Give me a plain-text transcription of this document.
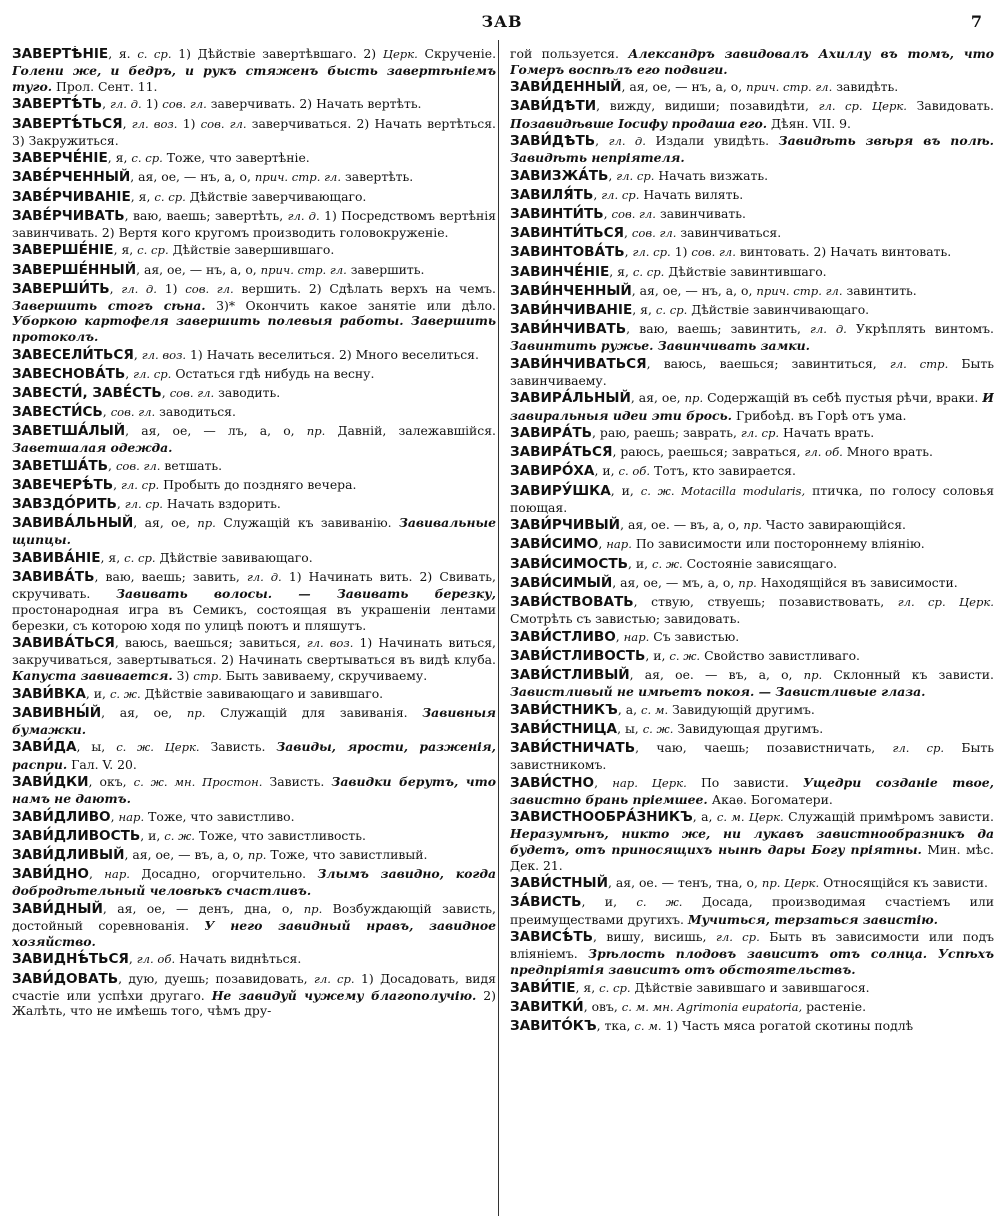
ЗАВ	7

ЗАВЕРТѢ́НІЕ, я. с. ср. 1) Дѣйствіе завертѣвшаго. 2) Церк. Скрученіе. Голени же, и бедръ, и рукъ стяженъ бысть завертѣніемъ туго. Прол. Сент. 11.

ЗАВЕРТѢ́ТЬ, гл. д. 1) сов. гл. заверчивать. 2) Начать вертѣть.

ЗАВЕРТѢ́ТЬСЯ, гл. воз. 1) сов. гл. заверчиваться. 2) Начать вертѣться. 3) Закружиться.

ЗАВЕРЧЕ́НІЕ, я, с. ср. Тоже, что завертѣніе.

ЗАВЕ́РЧЕННЫЙ, ая, ое, — нъ, а, о, прич. стр. гл. завертѣть.

ЗАВЕ́РЧИВАНІЕ, я, с. ср. Дѣйствіе заверчивающаго.

ЗАВЕ́РЧИВАТЬ, ваю, ваешь; завертѣть, гл. д. 1) Посредствомъ вертѣнія завинчивать. 2) Вертя кого кругомъ производить головокруженіе.

ЗАВЕРШЕ́НІЕ, я, с. ср. Дѣйствіе завершившаго.

ЗАВЕРШЕ́ННЫЙ, ая, ое, — нъ, а, о, прич. стр. гл. завершить.

ЗАВЕРШИ́ТЬ, гл. д. 1) сов. гл. вершить. 2) Сдѣлать верхъ на чемъ. Завершить стогъ сѣна. 3)* Окончить какое занятіе или дѣло. Уборкою картофеля завершить полевыя работы. Завершить протоколъ.

ЗАВЕСЕЛИ́ТЬСЯ, гл. воз. 1) Начать веселиться. 2) Много веселиться.

ЗАВЕСНОВА́ТЬ, гл. ср. Остаться гдѣ нибудь на весну.

ЗАВЕСТИ́, ЗАВЕ́СТЬ, сов. гл. заводить.

ЗАВЕСТИ́СЬ, сов. гл. заводиться.

ЗАВЕТША́ЛЫЙ, ая, ое, — лъ, а, о, пр. Давній, залежавшійся. Заветшалая одежда.

ЗАВЕТША́ТЬ, сов. гл. ветшать.

ЗАВЕЧЕРѢ́ТЬ, гл. ср. Пробыть до поздняго вечера.

ЗАВЗДО́РИТЬ, гл. ср. Начать вздорить.

ЗАВИВА́ЛЬНЫЙ, ая, ое, пр. Служащій къ завиванію. Завивальные щипцы.

ЗАВИВА́НІЕ, я, с. ср. Дѣйствіе завивающаго.

ЗАВИВА́ТЬ, ваю, ваешь; завить, гл. д. 1) Начинать вить. 2) Свивать, скручивать. Завивать волосы. — Завивать березку, простонародная игра въ Семикъ, состоящая въ украшеніи лентами березки, съ которою ходя по улицѣ поютъ и пляшутъ.

ЗАВИВА́ТЬСЯ, ваюсь, ваешься; завиться, гл. воз. 1) Начинать виться, закручиваться, завертываться. 2) Начинать свертываться въ видѣ клуба. Капуста завивается. 3) стр. Быть завиваему, скручиваему.

ЗАВИ́ВКА, и, с. ж. Дѣйствіе завивающаго и завившаго.

ЗАВИВНЫ́Й, ая, ое, пр. Служащій для завиванія. Завивныя бумажки.

ЗАВИ́ДА, ы, с. ж. Церк. Зависть. Завиды, ярости, разженія, распри. Гал. V. 20.

ЗАВИ́ДКИ, окъ, с. ж. мн. Простон. Зависть. Завидки берутъ, что намъ не даютъ.

ЗАВИ́ДЛИВО, нар. Тоже, что завистливо.

ЗАВИ́ДЛИВОСТЬ, и, с. ж. Тоже, что завистливость.

ЗАВИ́ДЛИВЫЙ, ая, ое, — въ, а, о, пр. Тоже, что завистливый.

ЗАВИ́ДНО, нар. Досадно, огорчительно. Злымъ завидно, когда добродѣтельный человѣкъ счастливъ.

ЗАВИ́ДНЫЙ, ая, ое, — денъ, дна, о, пр. Возбуждающій зависть, достойный соревнованія. У него завидный нравъ, завидное хозяйство.

ЗАВИДНѢ́ТЬСЯ, гл. об. Начать виднѣться.

ЗАВИ́ДОВАТЬ, дую, дуешь; позавидовать, гл. ср. 1) Досадовать, видя счастіе или успѣхи другаго. Не завидуй чужему благополучію. 2) Жалѣть, что не имѣешь того, чѣмъ дру-

гой пользуется. Александръ завидовалъ Ахиллу въ томъ, что Гомеръ воспѣлъ его подвиги.

ЗАВИ́ДЕННЫЙ, ая, ое, — нъ, а, о, прич. стр. гл. завидѣть.

ЗАВИ́ДѢТИ, вижду, видиши; позавидѣти, гл. ср. Церк. Завидовать. Позавидѣвше Іосифу продаша его. Дѣян. VII. 9.

ЗАВИ́ДѢТЬ, гл. д. Издали увидѣть. Завидѣть звѣря въ полѣ. Завидѣть непріятеля.

ЗАВИЗЖА́ТЬ, гл. ср. Начать визжать.

ЗАВИЛЯ́ТЬ, гл. ср. Начать вилять.

ЗАВИНТИ́ТЬ, сов. гл. завинчивать.

ЗАВИНТИ́ТЬСЯ, сов. гл. завинчиваться.

ЗАВИНТОВА́ТЬ, гл. ср. 1) сов. гл. винтовать. 2) Начать винтовать.

ЗАВИНЧЕ́НІЕ, я, с. ср. Дѣйствіе завинтившаго.

ЗАВИ́НЧЕННЫЙ, ая, ое, — нъ, а, о, прич. стр. гл. завинтить.

ЗАВИ́НЧИВАНІЕ, я, с. ср. Дѣйствіе завинчивающаго.

ЗАВИ́НЧИВАТЬ, ваю, ваешь; завинтить, гл. д. Укрѣплять винтомъ. Завинтить ружье. Завинчивать замки.

ЗАВИ́НЧИВАТЬСЯ, ваюсь, ваешься; завинтиться, гл. стр. Быть завинчиваему.

ЗАВИРА́ЛЬНЫЙ, ая, ое, пр. Содержащій въ себѣ пустыя рѣчи, враки. И завиральныя идеи эти брось. Грибоѣд. въ Горѣ отъ ума.

ЗАВИРА́ТЬ, раю, раешь; заврать, гл. ср. Начать врать.

ЗАВИРА́ТЬСЯ, раюсь, раешься; завраться, гл. об. Много врать.

ЗАВИРО́ХА, и, с. об. Тотъ, кто завирается.

ЗАВИРУ́ШКА, и, с. ж. Motacilla modularis, птичка, по голосу соловья поющая.

ЗАВИ́РЧИВЫЙ, ая, ое. — въ, а, о, пр. Часто завирающійся.

ЗАВИ́СИМО, нар. По зависимости или постороннему вліянію.

ЗАВИ́СИМОСТЬ, и, с. ж. Состояніе зависящаго.

ЗАВИ́СИМЫЙ, ая, ое, — мъ, а, о, пр. Находящійся въ зависимости.

ЗАВИ́СТВОВАТЬ, ствую, ствуешь; позавиствовать, гл. ср. Церк. Смотрѣть съ завистью; завидовать.

ЗАВИ́СТЛИВО, нар. Съ завистью.

ЗАВИ́СТЛИВОСТЬ, и, с. ж. Свойство завистливаго.

ЗАВИ́СТЛИВЫЙ, ая, ое. — въ, а, о, пр. Склонный къ зависти. Завистливый не имѣетъ покоя. — Завистливые глаза.

ЗАВИ́СТНИКЪ, а, с. м. Завидующій другимъ.

ЗАВИ́СТНИЦА, ы, с. ж. Завидующая другимъ.

ЗАВИ́СТНИЧАТЬ, чаю, чаешь; позавистничать, гл. ср. Быть завистникомъ.

ЗАВИ́СТНО, нар. Церк. По зависти. Ущедри созданіе твое, завистно брань пріемшее. Акаѳ. Богоматери.

ЗАВИСТНООБРА́ЗНИКЪ, а, с. м. Церк. Служащій примѣромъ зависти. Неразумѣнъ, никто же, ни лукавъ завистнообразникъ да будетъ, отъ приносящихъ нынѣ дары Богу пріятны. Мин. мѣс. Дек. 21.

ЗАВИ́СТНЫЙ, ая, ое. — тенъ, тна, о, пр. Церк. Относящійся къ зависти.

ЗА́ВИСТЬ, и, с. ж. Досада, производимая счастіемъ или преимуществами другихъ. Мучиться, терзаться завистію.

ЗАВИСѢ́ТЬ, вишу, висишь, гл. ср. Быть въ зависимости или подъ вліяніемъ. Зрѣлость плодовъ зависитъ отъ солнца. Успѣхъ предпріятія зависитъ отъ обстоятельствъ.

ЗАВИ́ТІЕ, я, с. ср. Дѣйствіе завившаго и завившагося.

ЗАВИТКИ́, овъ, с. м. мн. Agrimonia eupatoria, растеніе.

ЗАВИТО́КЪ, тка, с. м. 1) Часть мяса рогатой скотины подлѣ
